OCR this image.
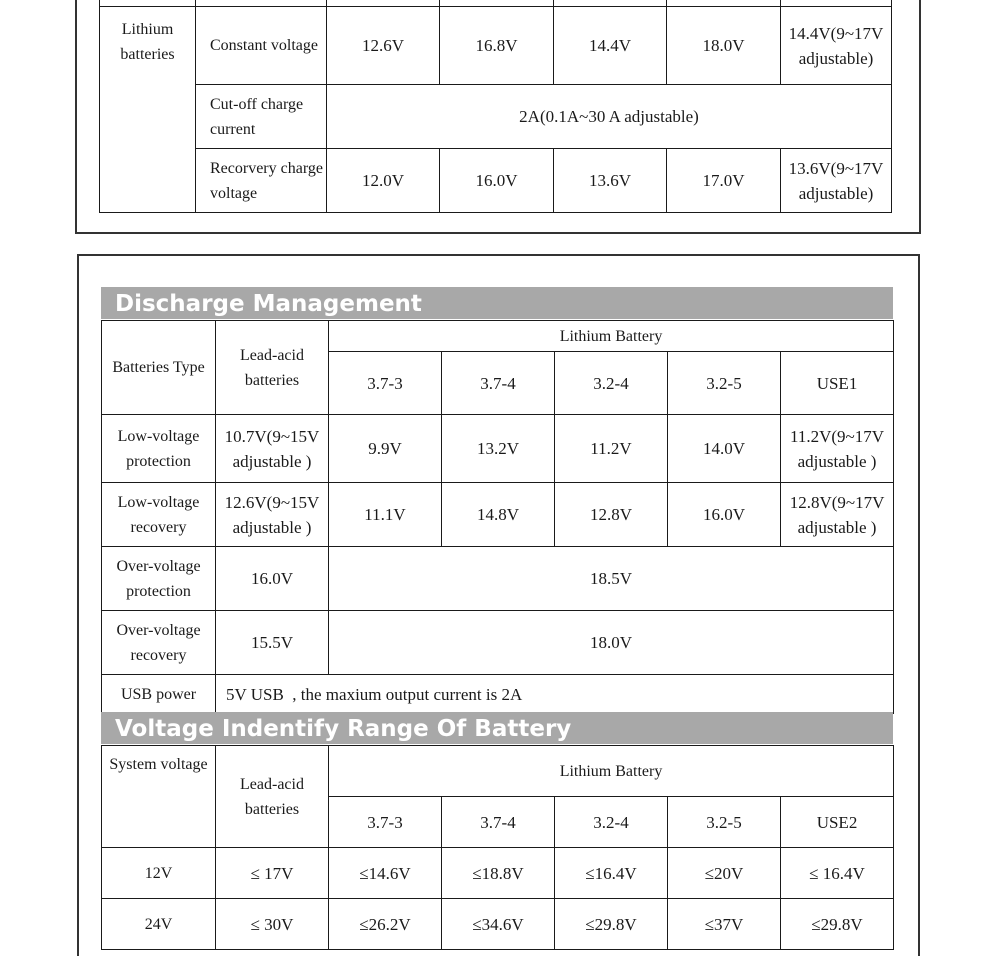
Lithium batteries	Constant voltage	12.6V	16.8V	14.4V	18.0V	14.4V(9~17V adjustable)
	Cut-off charge current	2A(0.1A~30 A adjustable)				
	Recorvery charge voltage	12.0V	16.0V	13.6V	17.0V	13.6V(9~17V adjustable)
Discharge Management
Batteries Type	Lead-acid batteries	Lithium Battery				
		3.7-3	3.7-4	3.2-4	3.2-5	USE1
Low-voltage protection	10.7V(9~15V adjustable )	9.9V	13.2V	11.2V	14.0V	11.2V(9~17V adjustable )
Low-voltage recovery	12.6V(9~15V adjustable )	11.1V	14.8V	12.8V	16.0V	12.8V(9~17V adjustable )
Over-voltage protection	16.0V	18.5V				
Over-voltage recovery	15.5V	18.0V				
USB power	5V USB  , the maxium output current is 2A					
Voltage Indentify Range Of Battery
System voltage	Lead-acid batteries	Lithium Battery				
		3.7-3	3.7-4	3.2-4	3.2-5	USE2
12V	≤ 17V	≤14.6V	≤18.8V	≤16.4V	≤20V	≤ 16.4V
24V	≤ 30V	≤26.2V	≤34.6V	≤29.8V	≤37V	≤29.8V
